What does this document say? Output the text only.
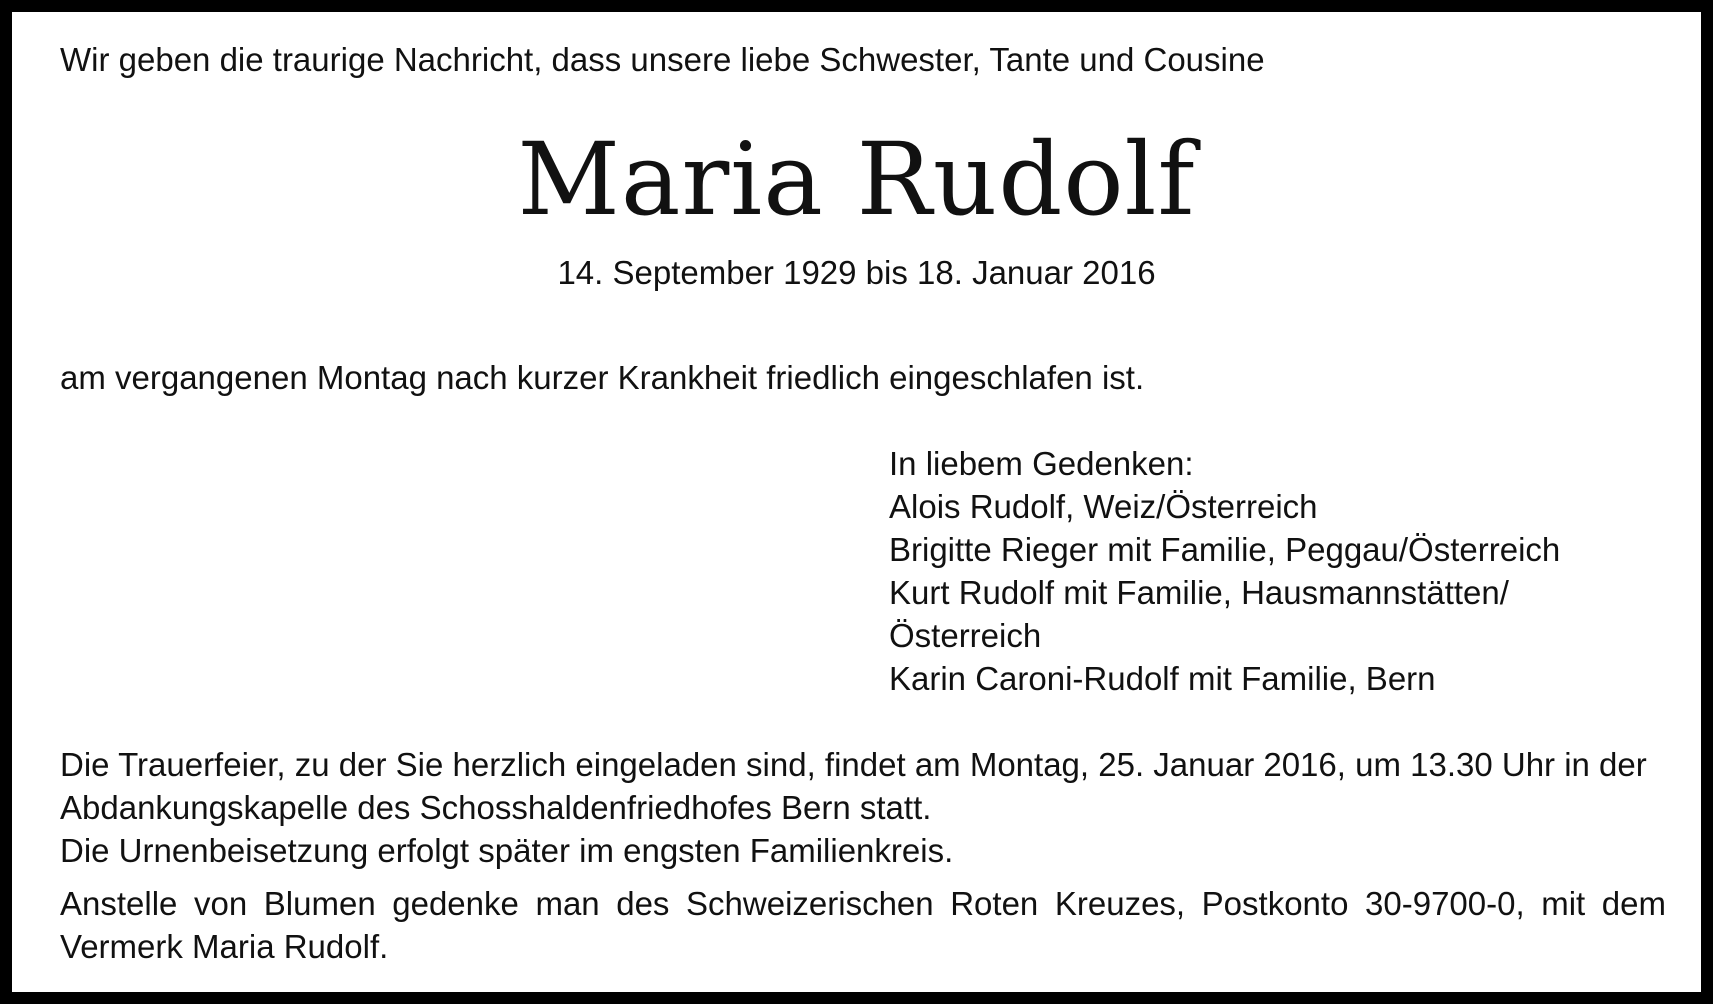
Wir geben die traurige Nachricht, dass unsere liebe Schwester, Tante und Cousine

Maria Rudolf

14. September 1929 bis 18. Januar 2016

am vergangenen Montag nach kurzer Krankheit friedlich eingeschlafen ist.

In liebem Gedenken:
Alois Rudolf, Weiz/Österreich
Brigitte Rieger mit Familie, Peggau/Österreich
Kurt Rudolf mit Familie, Hausmannstätten/
Österreich
Karin Caroni-Rudolf mit Familie, Bern

Die Trauerfeier, zu der Sie herzlich eingeladen sind, findet am Montag, 25. Januar 2016, um 13.30 Uhr in der

Abdankungskapelle des Schosshaldenfriedhofes Bern statt.

Die Urnenbeisetzung erfolgt später im engsten Familienkreis.

Anstelle von Blumen gedenke man des Schweizerischen Roten Kreuzes, Postkonto 30-9700-0, mit dem
Vermerk Maria Rudolf.
